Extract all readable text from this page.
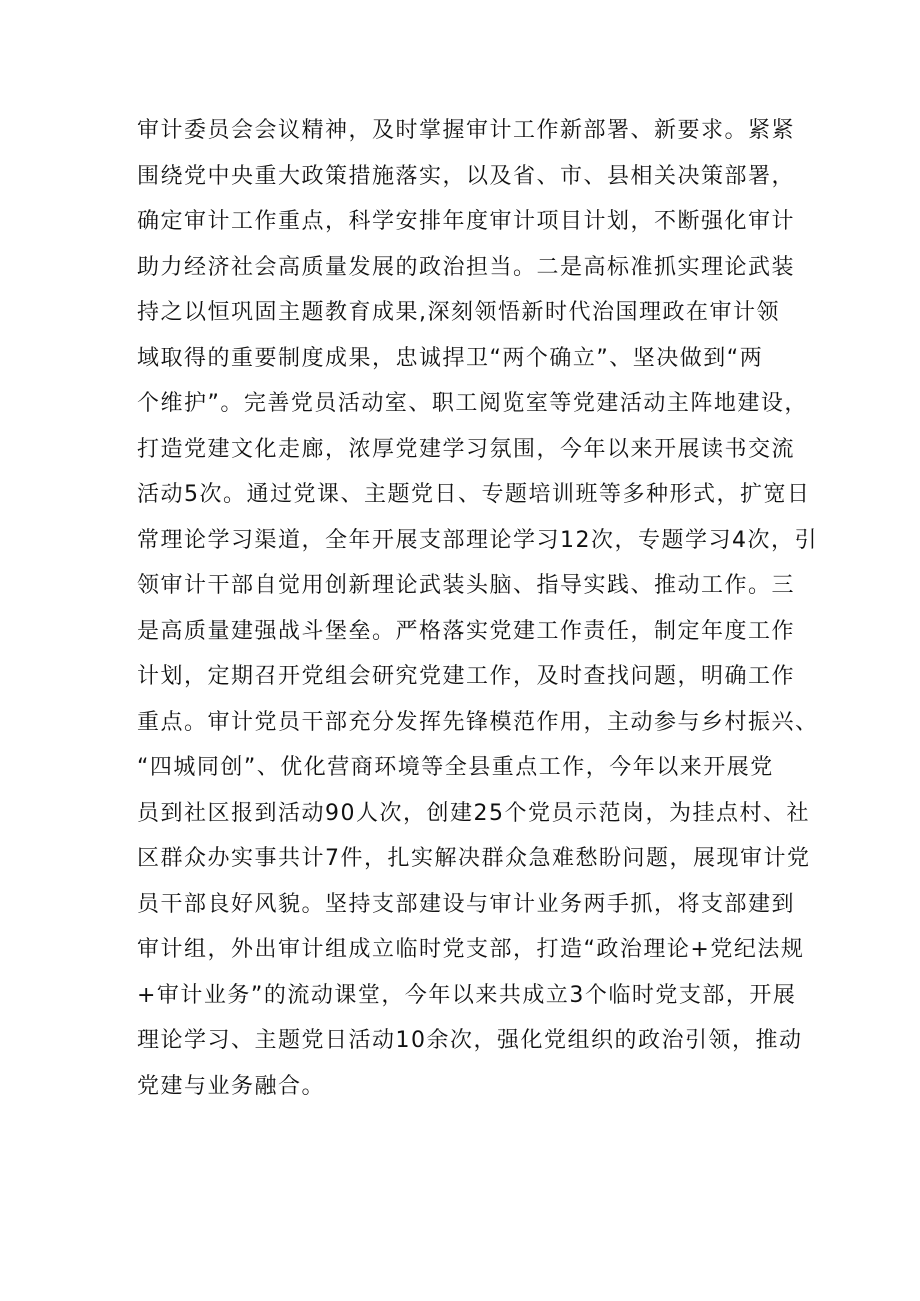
审计委员会会议精神，及时掌握审计工作新部署、新要求。紧紧
围绕党中央重大政策措施落实，以及省、市、县相关决策部署，
确定审计工作重点，科学安排年度审计项目计划，不断强化审计
助力经济社会高质量发展的政治担当。二是高标准抓实理论武装
持之以恒巩固主题教育成果,深刻领悟新时代治国理政在审计领
域取得的重要制度成果，忠诚捍卫“两个确立”、坚决做到“两
个维护”。完善党员活动室、职工阅览室等党建活动主阵地建设，
打造党建文化走廊，浓厚党建学习氛围，今年以来开展读书交流
活动5次。通过党课、主题党日、专题培训班等多种形式，扩宽日
常理论学习渠道，全年开展支部理论学习12次，专题学习4次，引
领审计干部自觉用创新理论武装头脑、指导实践、推动工作。三
是高质量建强战斗堡垒。严格落实党建工作责任，制定年度工作
计划，定期召开党组会研究党建工作，及时查找问题，明确工作
重点。审计党员干部充分发挥先锋模范作用，主动参与乡村振兴、
“四城同创”、优化营商环境等全县重点工作，今年以来开展党
员到社区报到活动90人次，创建25个党员示范岗，为挂点村、社
区群众办实事共计7件，扎实解决群众急难愁盼问题，展现审计党
员干部良好风貌。坚持支部建设与审计业务两手抓，将支部建到
审计组，外出审计组成立临时党支部，打造“政治理论+党纪法规
+审计业务”的流动课堂，今年以来共成立3个临时党支部，开展
理论学习、主题党日活动10余次，强化党组织的政治引领，推动
党建与业务融合。
